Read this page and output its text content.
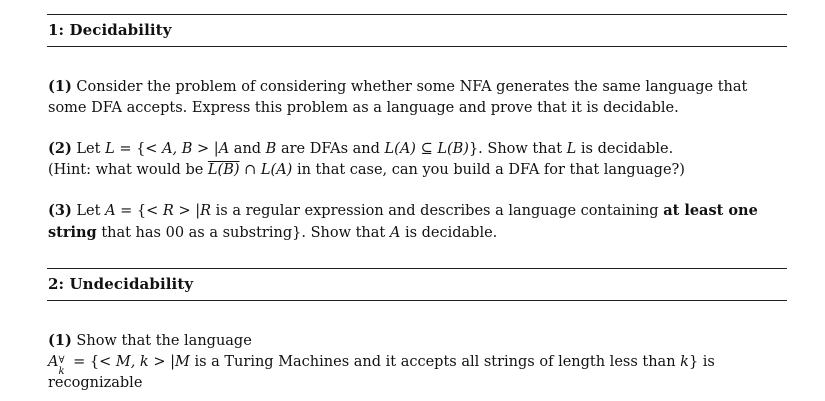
1: Decidability
(1) Consider the problem of considering whether some NFA generates the same language that
some DFA accepts. Express this problem as a language and prove that it is decidable.
(2) Let L = {< A, B > |A and B are DFAs and L(A) ⊆ L(B)}. Show that L is decidable.
(Hint: what would be L(B) ∩ L(A) in that case, can you build a DFA for that language?)
(3) Let A = {< R > |R is a regular expression and describes a language containing at least one
string that has 00 as a substring}. Show that A is decidable.
2: Undecidability
(1) Show that the language
A ∀
k
= {< M, k > |M is a Turing Machines and it accepts all strings of length less than k} is
recognizable
